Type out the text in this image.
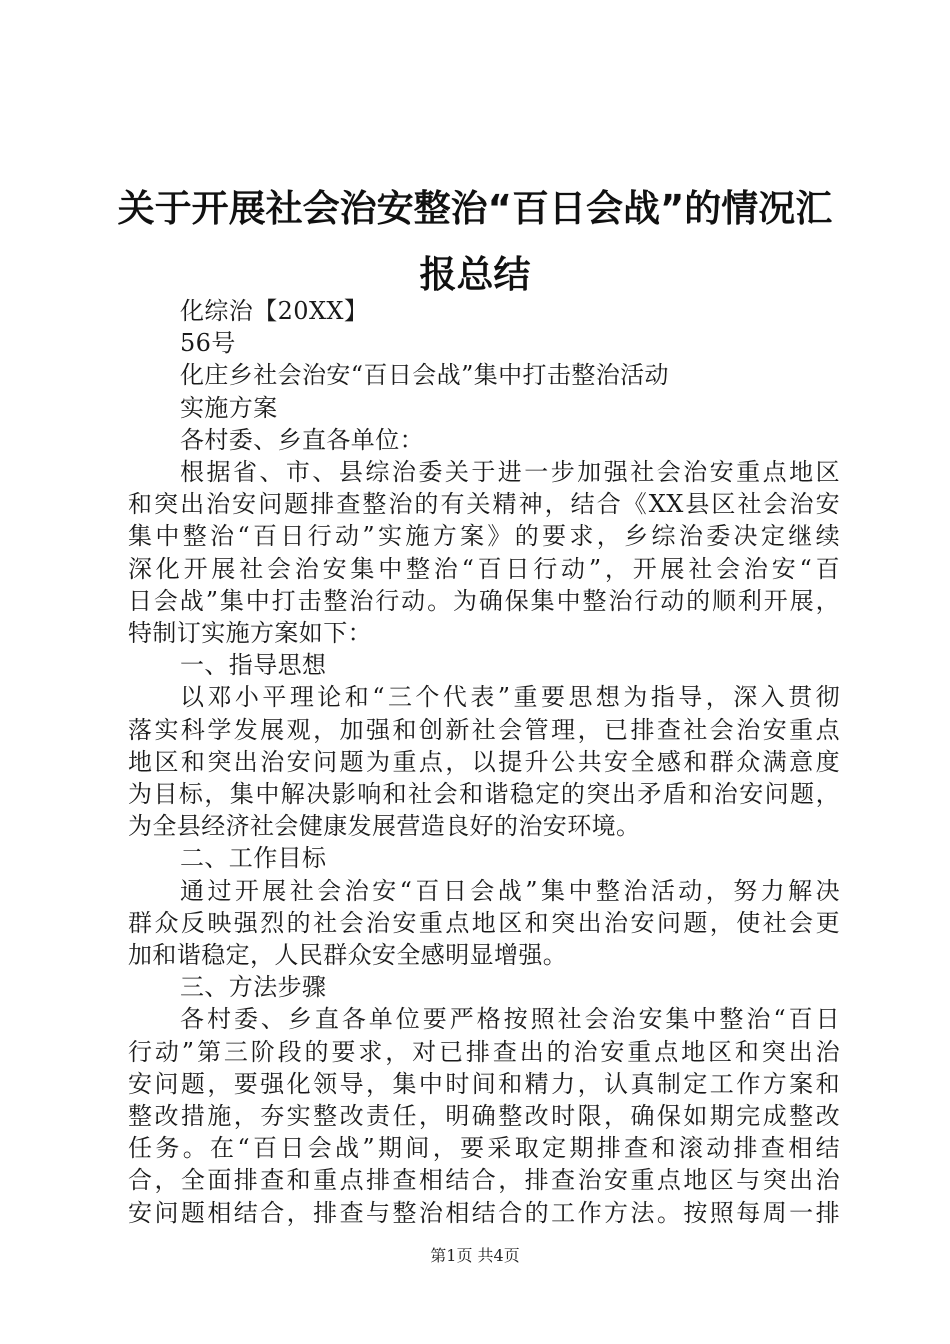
关于开展社会治安整治“百日会战”的情况汇
报总结
化综治【20XX】
56号
化庄乡社会治安“百日会战”集中打击整治活动
实施方案
各村委、乡直各单位：
根据省、市、县综治委关于进一步加强社会治安重点地区
和突出治安问题排查整治的有关精神，结合《XX县区社会治安
集中整治“百日行动”实施方案》的要求，乡综治委决定继续
深化开展社会治安集中整治“百日行动”，开展社会治安“百
日会战”集中打击整治行动。为确保集中整治行动的顺利开展，
特制订实施方案如下：
一、指导思想
以邓小平理论和“三个代表”重要思想为指导，深入贯彻
落实科学发展观，加强和创新社会管理，已排查社会治安重点
地区和突出治安问题为重点，以提升公共安全感和群众满意度
为目标，集中解决影响和社会和谐稳定的突出矛盾和治安问题，
为全县经济社会健康发展营造良好的治安环境。
二、工作目标
通过开展社会治安“百日会战”集中整治活动，努力解决
群众反映强烈的社会治安重点地区和突出治安问题，使社会更
加和谐稳定，人民群众安全感明显增强。
三、方法步骤
各村委、乡直各单位要严格按照社会治安集中整治“百日
行动”第三阶段的要求，对已排查出的治安重点地区和突出治
安问题，要强化领导，集中时间和精力，认真制定工作方案和
整改措施，夯实整改责任，明确整改时限，确保如期完成整改
任务。在“百日会战”期间，要采取定期排查和滚动排查相结
合，全面排查和重点排查相结合，排查治安重点地区与突出治
安问题相结合，排查与整治相结合的工作方法。按照每周一排
第1页 共4页
